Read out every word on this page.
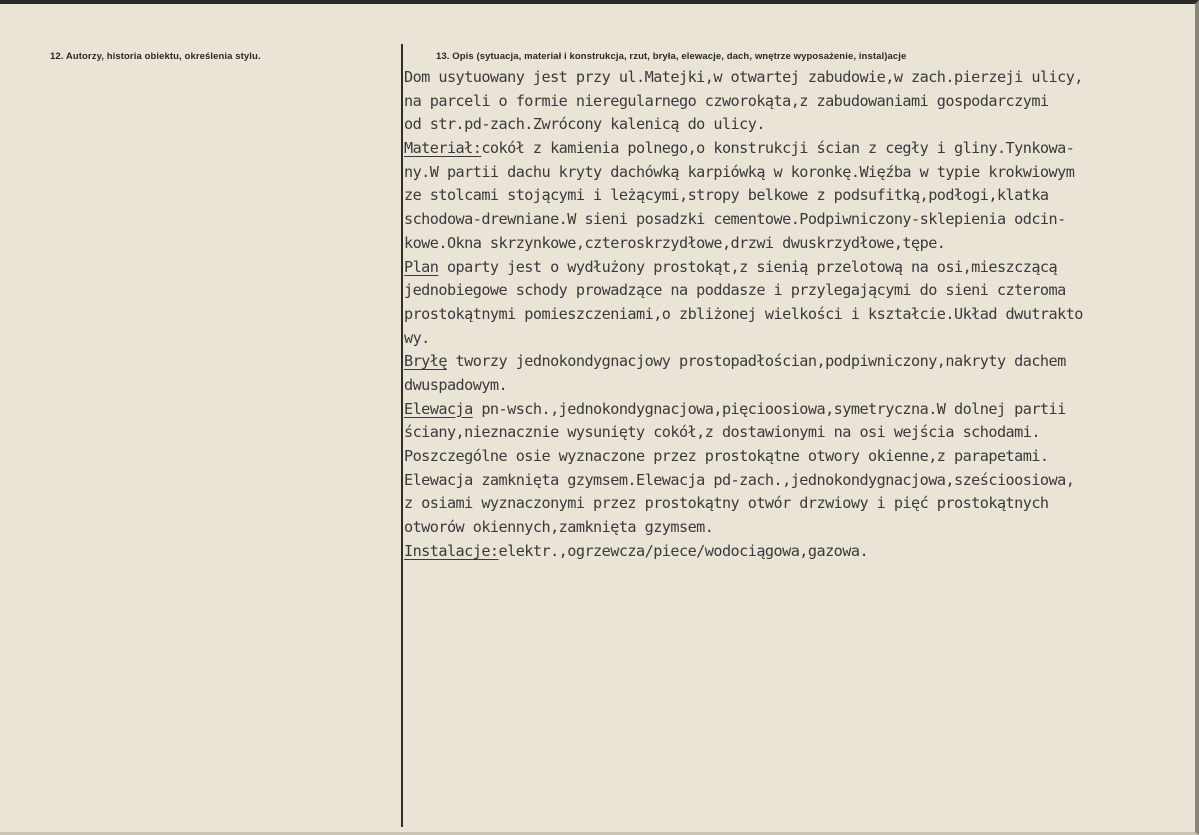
12. Autorzy, historia obiektu, określenia stylu.	13. Opis (sytuacja, materiał i konstrukcja, rzut, bryła, elewacje, dach, wnętrze wyposażenie, instal)acje
Dom usytuowany jest przy ul.Matejki,w otwartej zabudowie,w zach.pierzeji ulicy,
na parceli o formie nieregularnego czworokąta,z zabudowaniami gospodarczymi
od str.pd-zach.Zwrócony kalenicą do ulicy.
Materiał:cokół z kamienia polnego,o konstrukcji ścian z cegły i gliny.Tynkowa-
ny.W partii dachu kryty dachówką karpiówką w koronkę.Więźba w typie krokwiowym
ze stolcami stojącymi i leżącymi,stropy belkowe z podsufitką,podłogi,klatka
schodowa-drewniane.W sieni posadzki cementowe.Podpiwniczony-sklepienia odcin-
kowe.Okna skrzynkowe,czteroskrzydłowe,drzwi dwuskrzydłowe,tępe.
Plan oparty jest o wydłużony prostokąt,z sienią przelotową na osi,mieszczącą
jednobiegowe schody prowadzące na poddasze i przylegającymi do sieni czteroma
prostokątnymi pomieszczeniami,o zbliżonej wielkości i kształcie.Układ dwutrakto
wy.
Bryłę tworzy jednokondygnacjowy prostopadłościan,podpiwniczony,nakryty dachem
dwuspadowym.
Elewacja pn-wsch.,jednokondygnacjowa,pięcioosiowa,symetryczna.W dolnej partii
ściany,nieznacznie wysunięty cokół,z dostawionymi na osi wejścia schodami.
Poszczególne osie wyznaczone przez prostokątne otwory okienne,z parapetami.
Elewacja zamknięta gzymsem.Elewacja pd-zach.,jednokondygnacjowa,sześcioosiowa,
z osiami wyznaczonymi przez prostokątny otwór drzwiowy i pięć prostokątnych
otworów okiennych,zamknięta gzymsem.
Instalacje:elektr.,ogrzewcza/piece/wodociągowa,gazowa.
